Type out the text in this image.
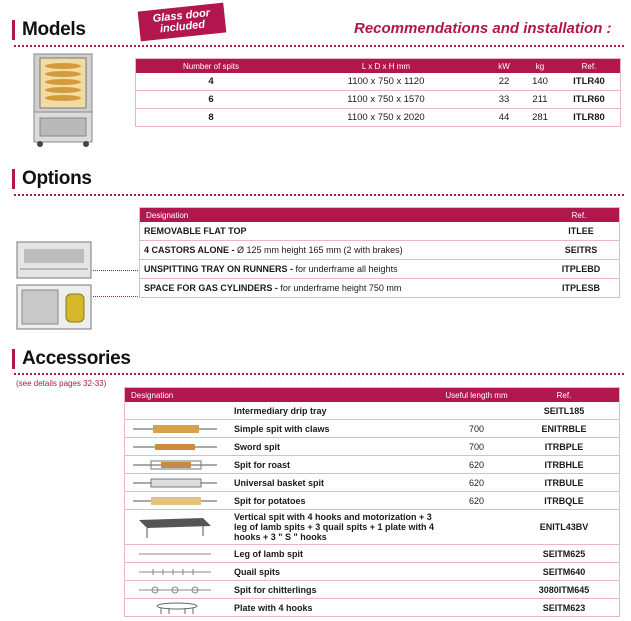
Models
Glass door included	Recommendations and installation :
Number of spits	L x D x H mm	kW	kg	Ref.
4	1100 x 750 x 1120	22	140	ITLR40
6	1100 x 750 x 1570	33	211	ITLR60
8	1100 x 750 x 2020	44	281	ITLR80
Options
Designation	Ref.
REMOVABLE FLAT TOP	ITLEE
4 CASTORS ALONE - Ø 125 mm height 165 mm (2 with brakes)	SEITRS
UNSPITTING TRAY ON RUNNERS - for underframe all heights	ITPLEBD
SPACE FOR GAS CYLINDERS - for underframe height 750 mm	ITPLESB
Accessories
(see details pages 32-33)
Designation		Useful length mm	Ref.
	Intermediary drip tray		SEITL185

	Simple spit with claws	700	ENITRBLE

	Sword spit	700	ITRBPLE

	Spit for roast	620	ITRBHLE

	Universal basket spit	620	ITRBULE

	Spit for potatoes	620	ITRBQLE

	Vertical spit with 4 hooks and motorization + 3 leg of lamb spits + 3 quail spits + 1 plate with 4 hooks + 3 " S " hooks		ENITL43BV

	Leg of lamb spit		SEITM625

	Quail spits		SEITM640

	Spit for chitterlings		3080ITM645

	Plate with 4 hooks		SEITM623
